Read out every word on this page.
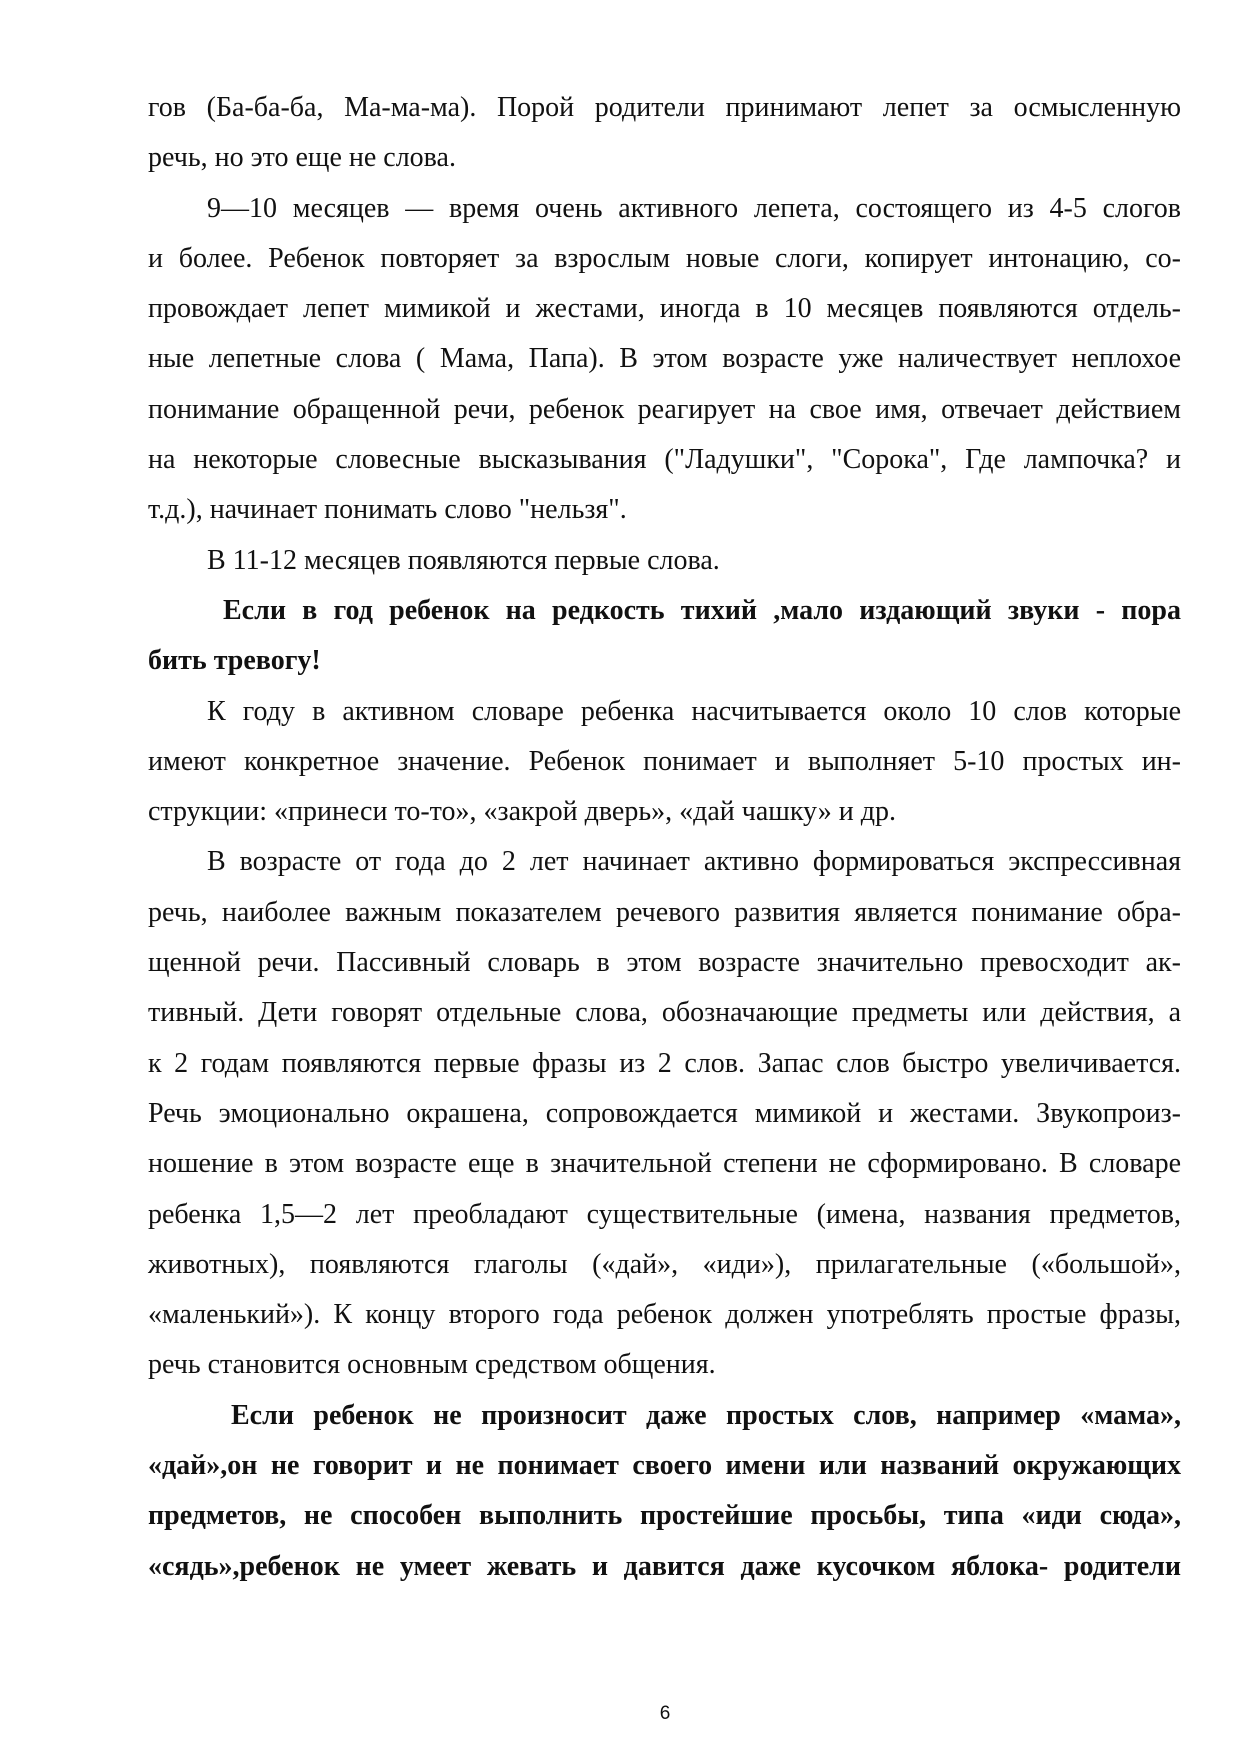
гов (Ба-ба-ба, Ма-ма-ма). Порой родители принимают лепет за осмысленную
речь, но это еще не слова.
9—10 месяцев — время очень активного лепета, состоящего из 4-5 слогов
и более. Ребенок повторяет за взрослым новые слоги, копирует интонацию, со-
провождает лепет мимикой и жестами, иногда в 10 месяцев появляются отдель-
ные лепетные слова ( Мама, Папа). В этом возрасте уже наличествует неплохое
понимание обращенной речи, ребенок реагирует на свое имя, отвечает действием
на некоторые словесные высказывания ("Ладушки", "Сорока", Где лампочка? и
т.д.), начинает понимать слово "нельзя".
В 11-12 месяцев появляются первые слова.
Если в год ребенок на редкость тихий ,мало издающий звуки - пора
бить тревогу!
К году в активном словаре ребенка насчитывается около 10 слов которые
имеют конкретное значение. Ребенок понимает и выполняет 5-10 простых ин-
струкции: «принеси то-то», «закрой дверь», «дай чашку» и др.
В возрасте от года до 2 лет начинает активно формироваться экспрессивная
речь, наиболее важным показателем речевого развития является понимание обра-
щенной речи. Пассивный словарь в этом возрасте значительно превосходит ак-
тивный. Дети говорят отдельные слова, обозначающие предметы или действия, а
к 2 годам появляются первые фразы из 2 слов. Запас слов быстро увеличивается.
Речь эмоционально окрашена, сопровождается мимикой и жестами. Звукопроиз-
ношение в этом возрасте еще в значительной степени не сформировано. В словаре
ребенка 1,5—2 лет преобладают существительные (имена, названия предметов,
животных), появляются глаголы («дай», «иди»), прилагательные («большой»,
«маленький»). К концу второго года ребенок должен употреблять простые фразы,
речь становится основным средством общения.
Если ребенок не произносит даже простых слов, например «мама»,
«дай»,он не говорит и не понимает своего имени или названий окружающих
предметов, не способен выполнить простейшие просьбы, типа «иди сюда»,
«сядь»,ребенок не умеет жевать и давится даже кусочком яблока- родители
6
